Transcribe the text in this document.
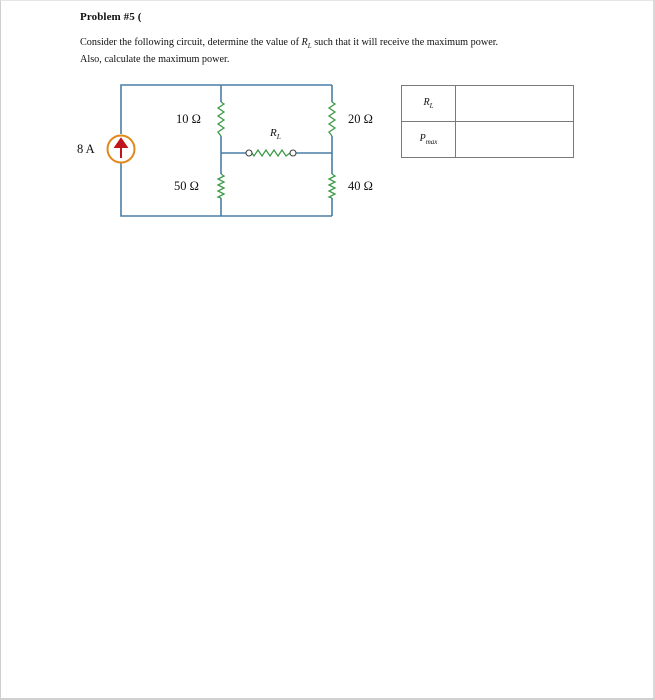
Problem #5 (
Consider the following circuit, determine the value of $R_L$ such that it will receive the maximum power.
Also, calculate the maximum power.
8 A
10 Ω
50 Ω
20 Ω
40 Ω
$R_L$
$R_L$	
$P_{max}$	
